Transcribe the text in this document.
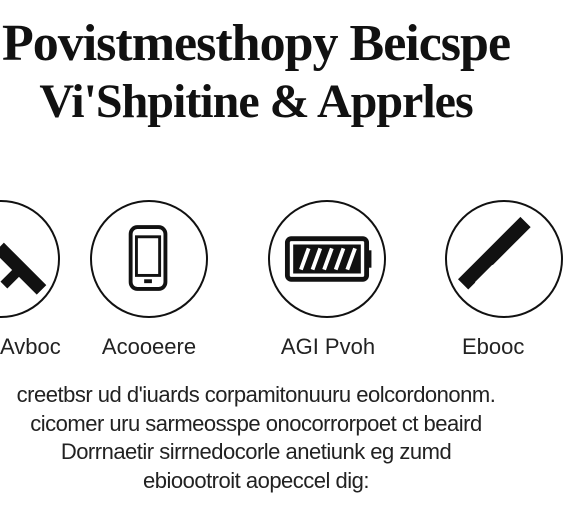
Povistmesthopy Beicspe
Vi'Shpitine & Apprles
Avboc	Acooeere	AGI Pvoh	Ebooc
creetbsr ud d'iuards corpamitonuuru eolcordononm.
cicomer uru sarmeosspe onocorrorpoet ct beaird
Dorrnaetir sirrnedocorle anetiunk eg zumd
ebioootroit aopeccel dig:
